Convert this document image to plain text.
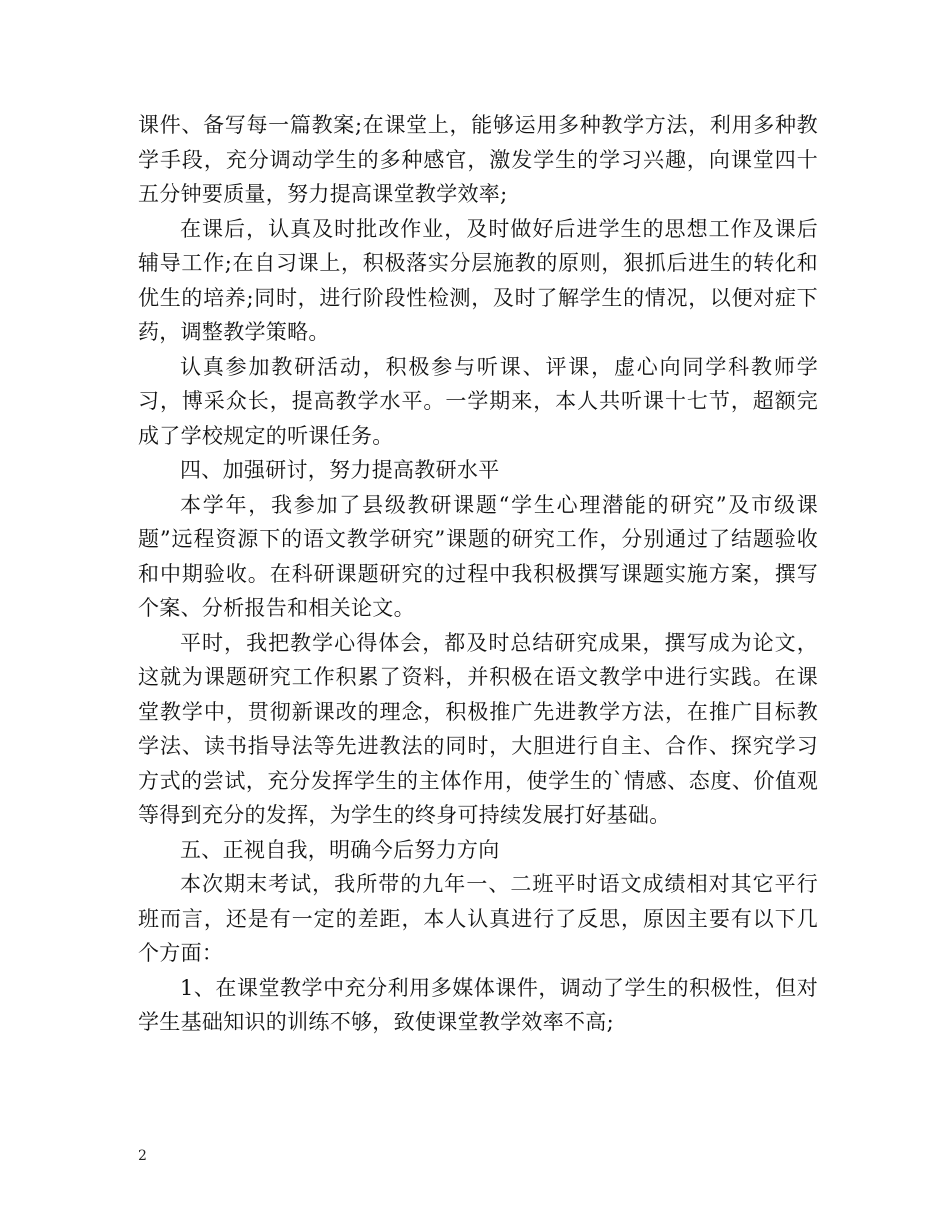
课件、备写每一篇教案;在课堂上，能够运用多种教学方法，利用多种教学手段，充分调动学生的多种感官，激发学生的学习兴趣，向课堂四十五分钟要质量，努力提高课堂教学效率;

在课后，认真及时批改作业，及时做好后进学生的思想工作及课后辅导工作;在自习课上，积极落实分层施教的原则，狠抓后进生的转化和优生的培养;同时，进行阶段性检测，及时了解学生的情况，以便对症下药，调整教学策略。

认真参加教研活动，积极参与听课、评课，虚心向同学科教师学习，博采众长，提高教学水平。一学期来，本人共听课十七节，超额完成了学校规定的听课任务。

四、加强研讨，努力提高教研水平

本学年，我参加了县级教研课题“学生心理潜能的研究”及市级课题”远程资源下的语文教学研究”课题的研究工作，分别通过了结题验收和中期验收。在科研课题研究的过程中我积极撰写课题实施方案，撰写个案、分析报告和相关论文。

平时，我把教学心得体会，都及时总结研究成果，撰写成为论文，这就为课题研究工作积累了资料，并积极在语文教学中进行实践。在课堂教学中，贯彻新课改的理念，积极推广先进教学方法，在推广目标教学法、读书指导法等先进教法的同时，大胆进行自主、合作、探究学习方式的尝试，充分发挥学生的主体作用，使学生的`情感、态度、价值观等得到充分的发挥，为学生的终身可持续发展打好基础。

五、正视自我，明确今后努力方向

本次期末考试，我所带的九年一、二班平时语文成绩相对其它平行班而言，还是有一定的差距，本人认真进行了反思，原因主要有以下几个方面：

1、在课堂教学中充分利用多媒体课件，调动了学生的积极性，但对学生基础知识的训练不够，致使课堂教学效率不高;

2
